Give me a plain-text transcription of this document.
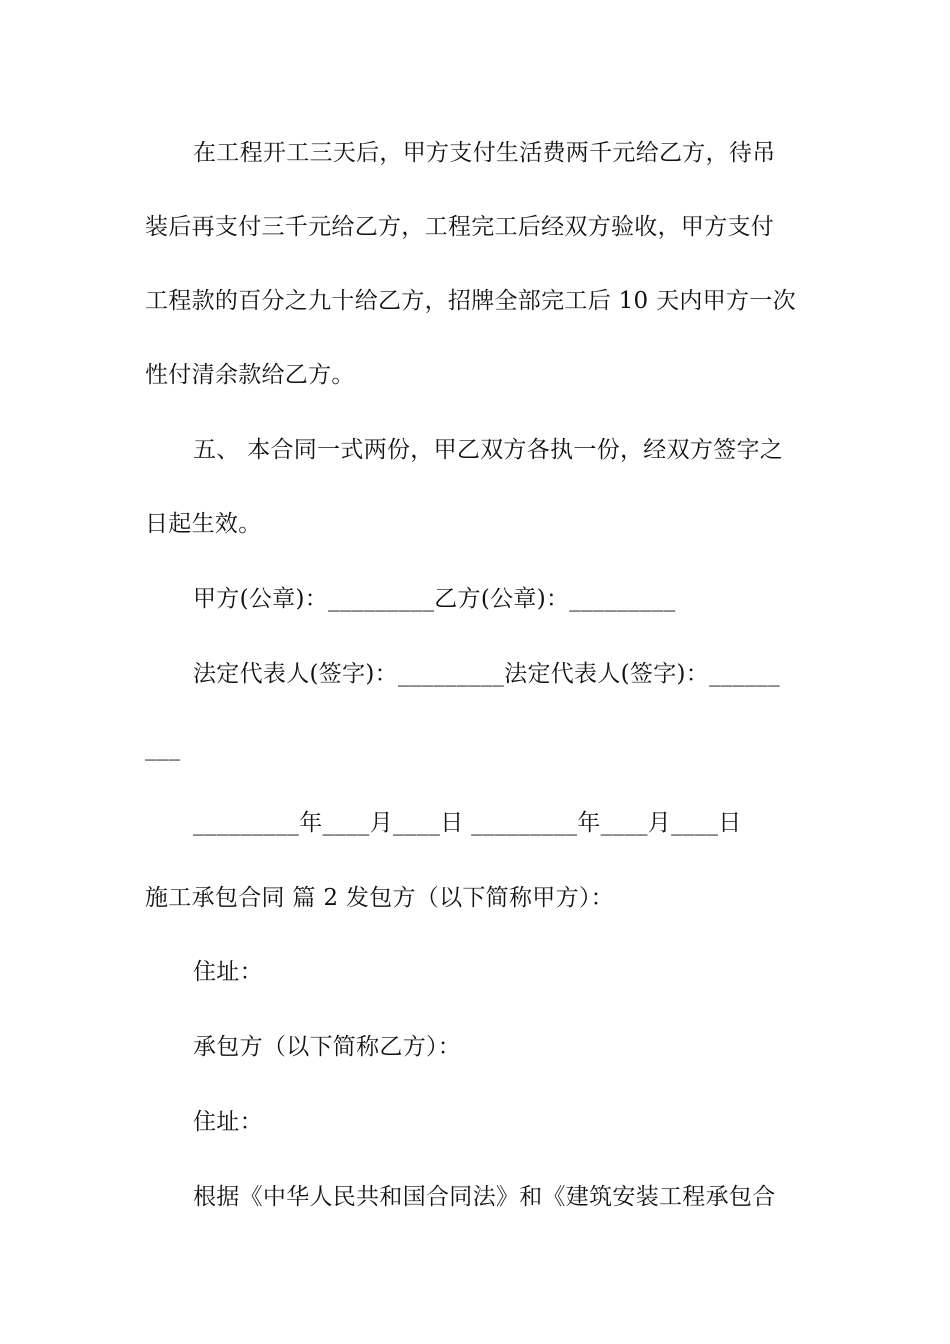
在工程开工三天后，甲方支付生活费两千元给乙方，待吊
装后再支付三千元给乙方，工程完工后经双方验收，甲方支付
工程款的百分之九十给乙方，招牌全部完工后 10 天内甲方一次
性付清余款给乙方。
五、 本合同一式两份，甲乙双方各执一份，经双方签字之
日起生效。
甲方(公章)：_________乙方(公章)：_________
法定代表人(签字)：_________法定代表人(签字)：______
___
_________年____月____日 _________年____月____日
施工承包合同 篇 2 发包方（以下简称甲方）：
住址：
承包方（以下简称乙方）：
住址：
根据《中华人民共和国合同法》和《建筑安装工程承包合
